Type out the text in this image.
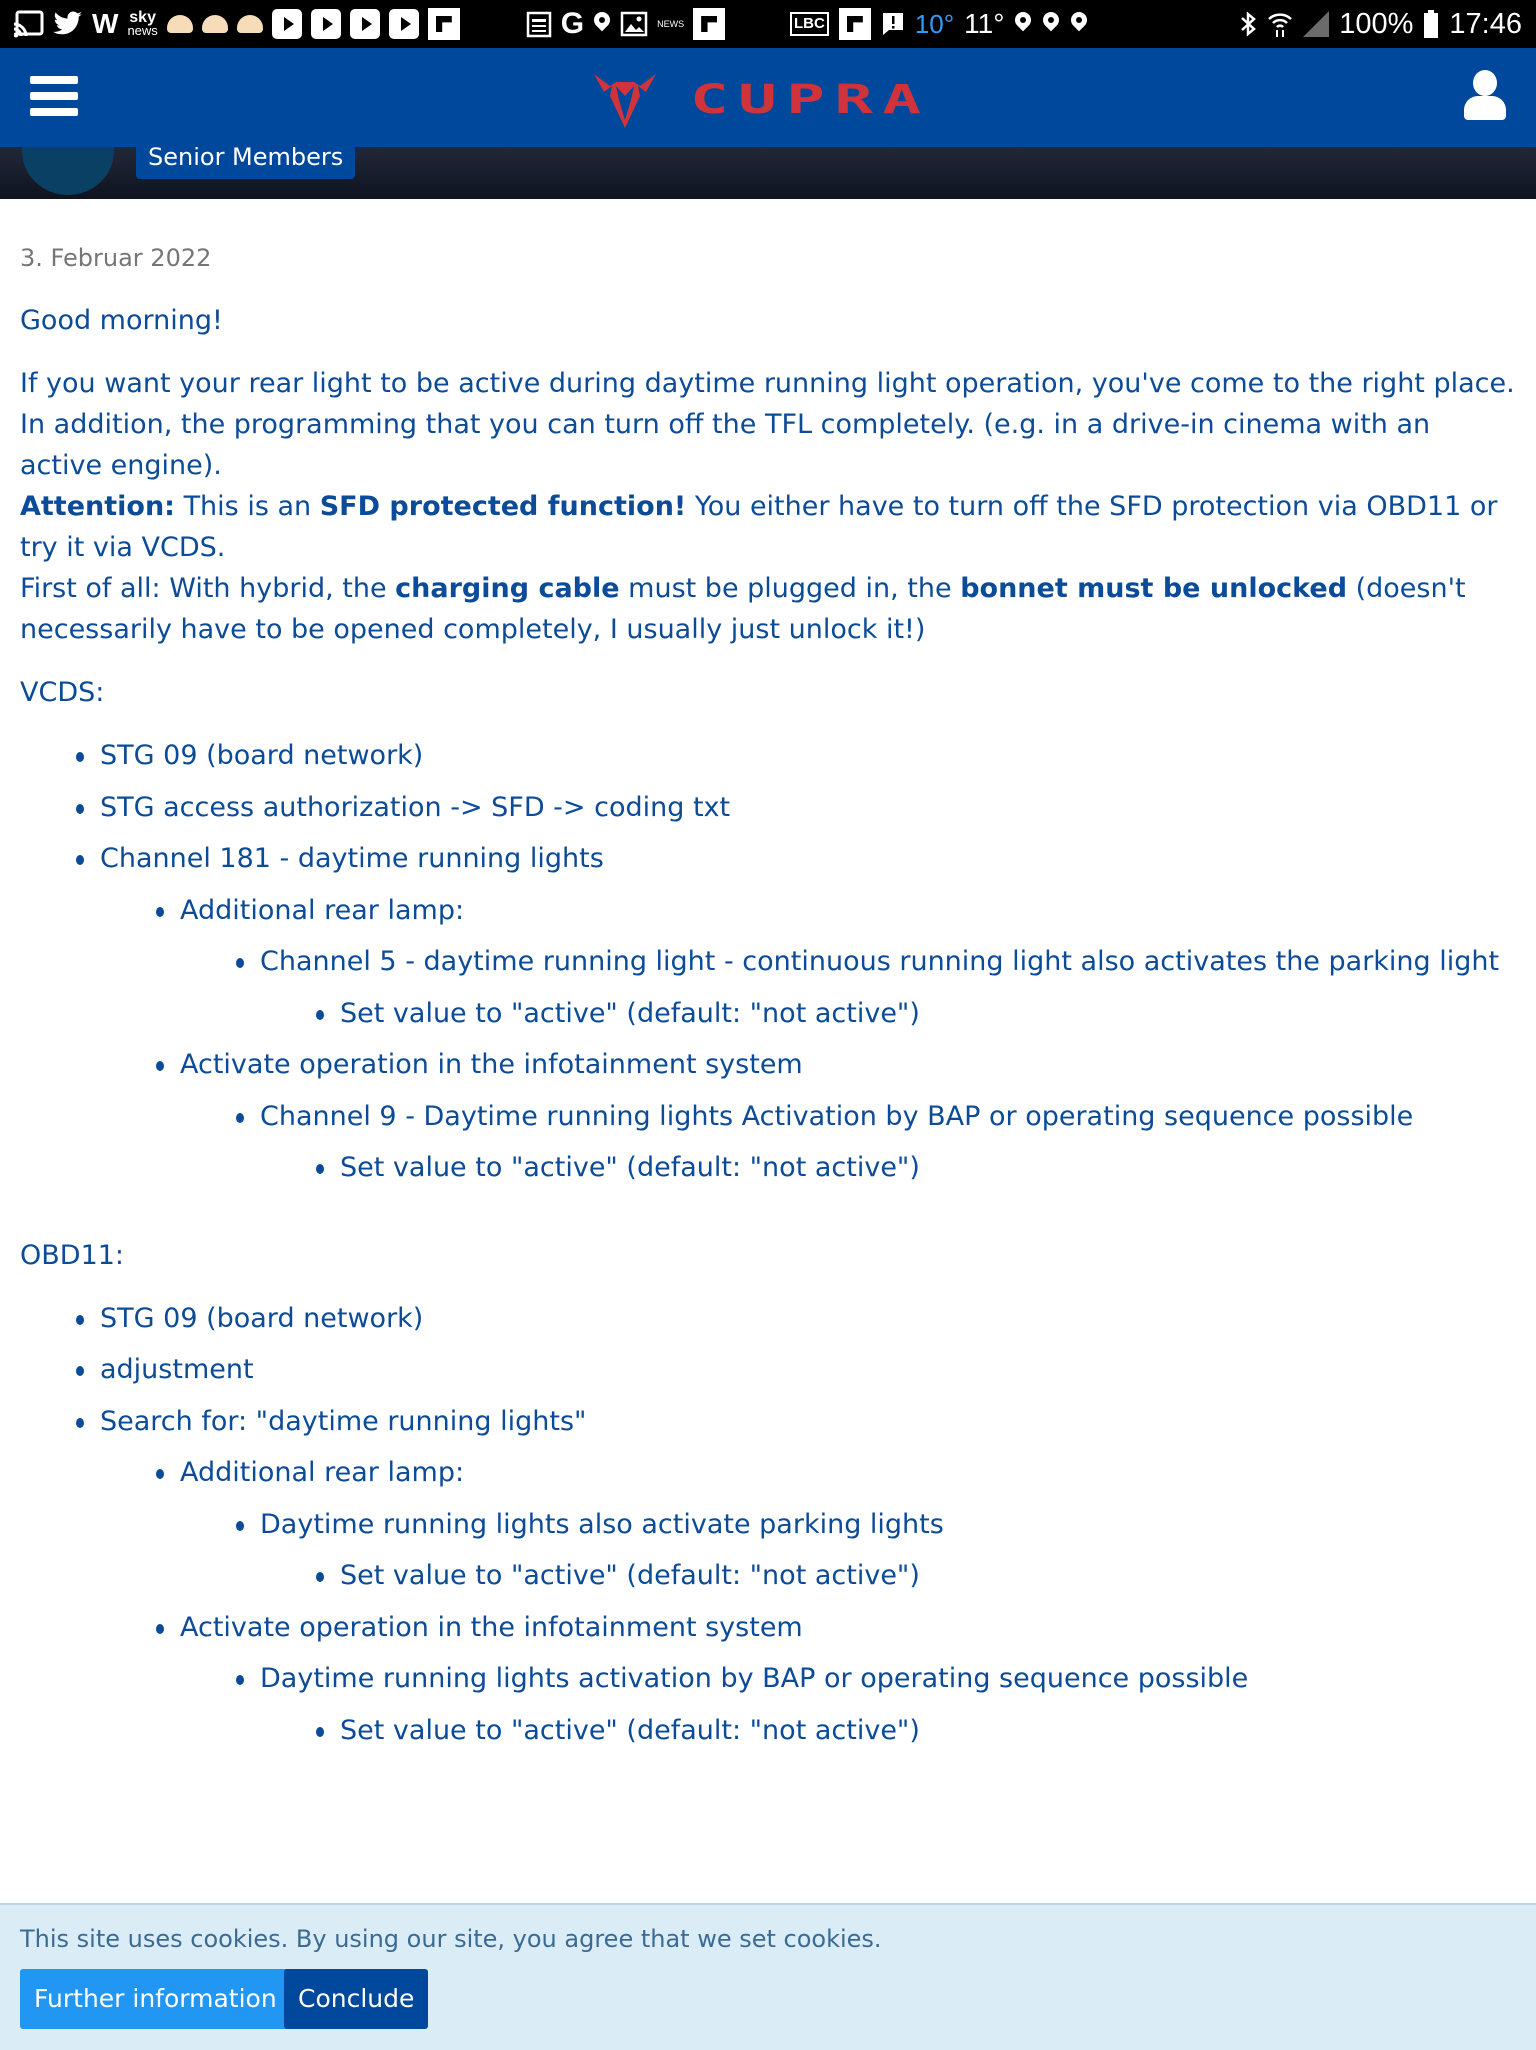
W sky
news	G	NEWS	LBC	10° 11°	100% 17:46
CUPRA
Senior Members
3. Februar 2022

Good morning!

If you want your rear light to be active during daytime running light operation, you've come to the right place. In addition, the programming that you can turn off the TFL completely. (e.g. in a drive-in cinema with an active engine).
Attention: This is an SFD protected function! You either have to turn off the SFD protection via OBD11 or try it via VCDS.
First of all: With hybrid, the charging cable must be plugged in, the bonnet must be unlocked (doesn't necessarily have to be opened completely, I usually just unlock it!)

VCDS:

STG 09 (board network)
STG access authorization -> SFD -> coding txt
Channel 181 - daytime running lights
Additional rear lamp:
Channel 5 - daytime running light - continuous running light also activates the parking light
Set value to "active" (default: "not active")
Activate operation in the infotainment system
Channel 9 - Daytime running lights Activation by BAP or operating sequence possible
Set value to "active" (default: "not active")

OBD11:

STG 09 (board network)
adjustment
Search for: "daytime running lights"
Additional rear lamp:
Daytime running lights also activate parking lights
Set value to "active" (default: "not active")
Activate operation in the infotainment system
Daytime running lights activation by BAP or operating sequence possible
Set value to "active" (default: "not active")
This site uses cookies. By using our site, you agree that we set cookies.
Further information Conclude
